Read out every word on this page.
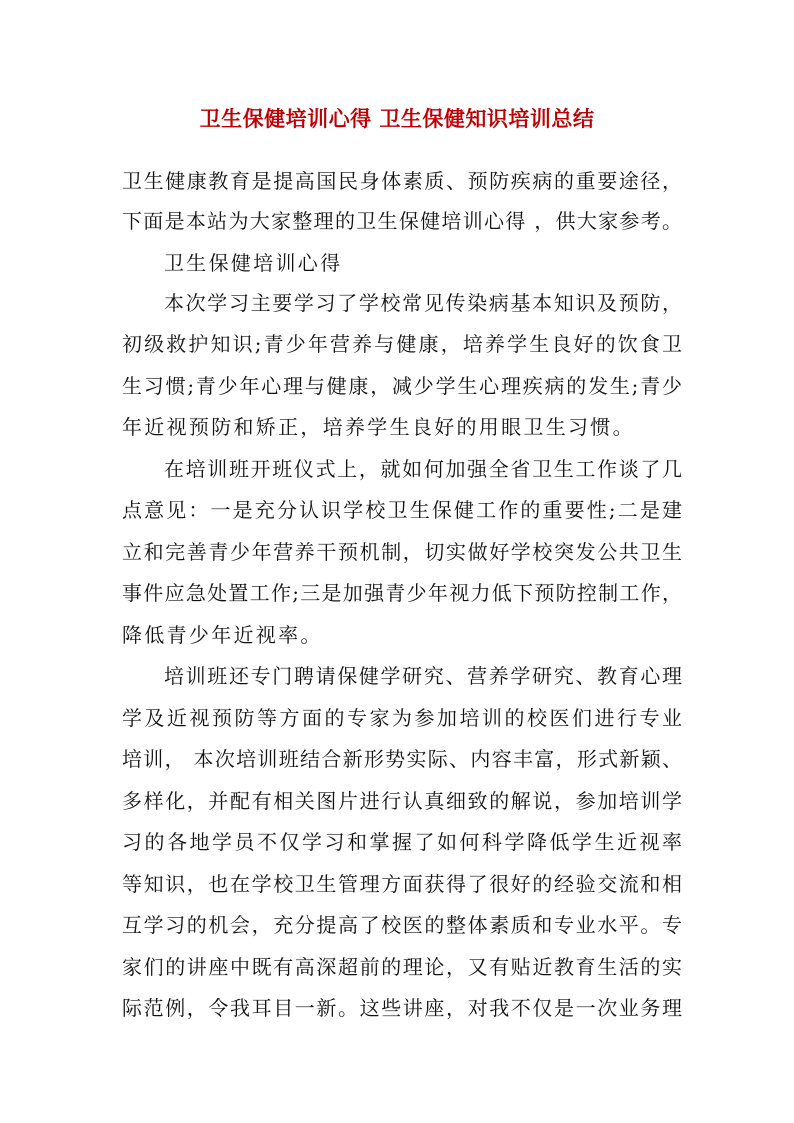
卫生保健培训心得 卫生保健知识培训总结
卫生健康教育是提高国民身体素质、预防疾病的重要途径，
下面是本站为大家整理的卫生保健培训心得 ，供大家参考。
卫生保健培训心得
本次学习主要学习了学校常见传染病基本知识及预防，
初级救护知识;青少年营养与健康，培养学生良好的饮食卫
生习惯;青少年心理与健康，减少学生心理疾病的发生;青少
年近视预防和矫正，培养学生良好的用眼卫生习惯。
在培训班开班仪式上，就如何加强全省卫生工作谈了几
点意见：一是充分认识学校卫生保健工作的重要性;二是建
立和完善青少年营养干预机制，切实做好学校突发公共卫生
事件应急处置工作;三是加强青少年视力低下预防控制工作，
降低青少年近视率。
培训班还专门聘请保健学研究、营养学研究、教育心理
学及近视预防等方面的专家为参加培训的校医们进行专业
培训， 本次培训班结合新形势实际、内容丰富，形式新颖、
多样化，并配有相关图片进行认真细致的解说，参加培训学
习的各地学员不仅学习和掌握了如何科学降低学生近视率
等知识，也在学校卫生管理方面获得了很好的经验交流和相
互学习的机会，充分提高了校医的整体素质和专业水平。专
家们的讲座中既有高深超前的理论，又有贴近教育生活的实
际范例，令我耳目一新。这些讲座，对我不仅是一次业务理
